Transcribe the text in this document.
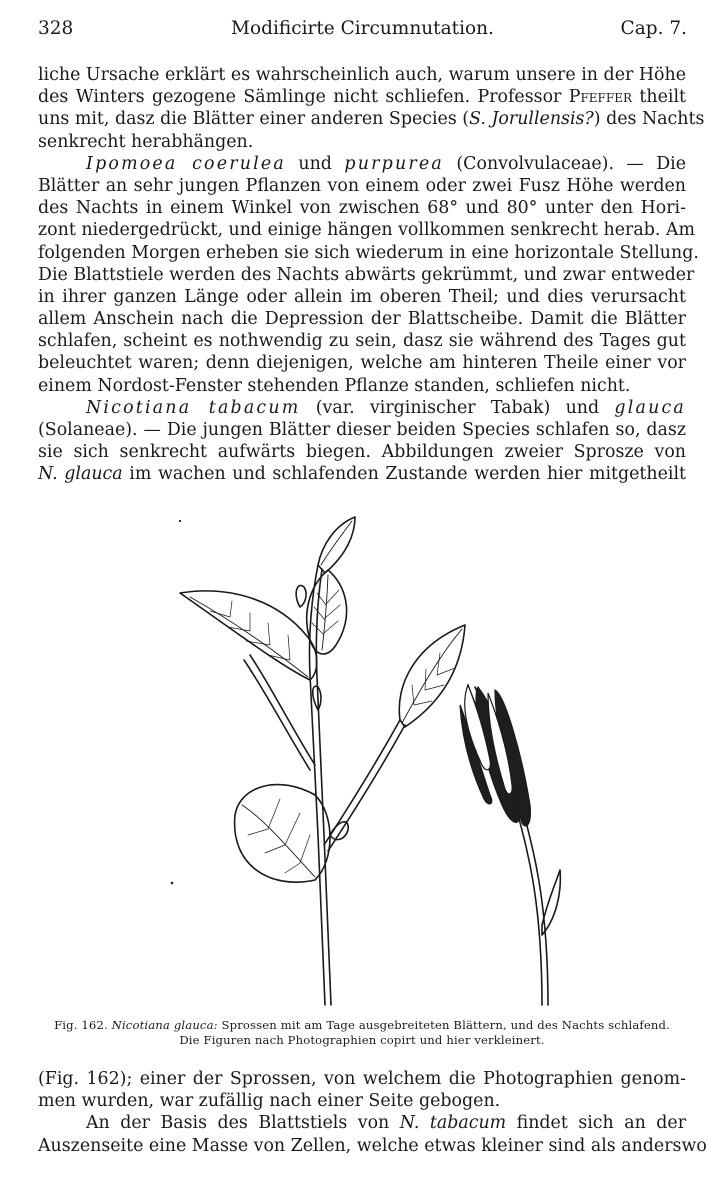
328	Modificirte Circumnutation.	Cap. 7.
liche Ursache erklärt es wahrscheinlich auch, warum unsere in der Höhe
des Winters gezogene Sämlinge nicht schliefen. Professor Pfeffer theilt
uns mit, dasz die Blätter einer anderen Species (S. Jorullensis?) des Nachts
senkrecht herabhängen.
Ipomoea coerulea und purpurea (Convolvulaceae). — Die
Blätter an sehr jungen Pflanzen von einem oder zwei Fusz Höhe werden
des Nachts in einem Winkel von zwischen 68° und 80° unter den Hori-
zont niedergedrückt, und einige hängen vollkommen senkrecht herab. Am
folgenden Morgen erheben sie sich wiederum in eine horizontale Stellung.
Die Blattstiele werden des Nachts abwärts gekrümmt, und zwar entweder
in ihrer ganzen Länge oder allein im oberen Theil; und dies verursacht
allem Anschein nach die Depression der Blattscheibe. Damit die Blätter
schlafen, scheint es nothwendig zu sein, dasz sie während des Tages gut
beleuchtet waren; denn diejenigen, welche am hinteren Theile einer vor
einem Nordost-Fenster stehenden Pflanze standen, schliefen nicht.
Nicotiana tabacum (var. virginischer Tabak) und glauca
(Solaneae). — Die jungen Blätter dieser beiden Species schlafen so, dasz
sie sich senkrecht aufwärts biegen. Abbildungen zweier Sprosze von
N. glauca im wachen und schlafenden Zustande werden hier mitgetheilt
Fig. 162. Nicotiana glauca: Sprossen mit am Tage ausgebreiteten Blättern, und des Nachts schlafend.
Die Figuren nach Photographien copirt und hier verkleinert.
(Fig. 162); einer der Sprossen, von welchem die Photographien genom-
men wurden, war zufällig nach einer Seite gebogen.
An der Basis des Blattstiels von N. tabacum findet sich an der
Auszenseite eine Masse von Zellen, welche etwas kleiner sind als anderswo
